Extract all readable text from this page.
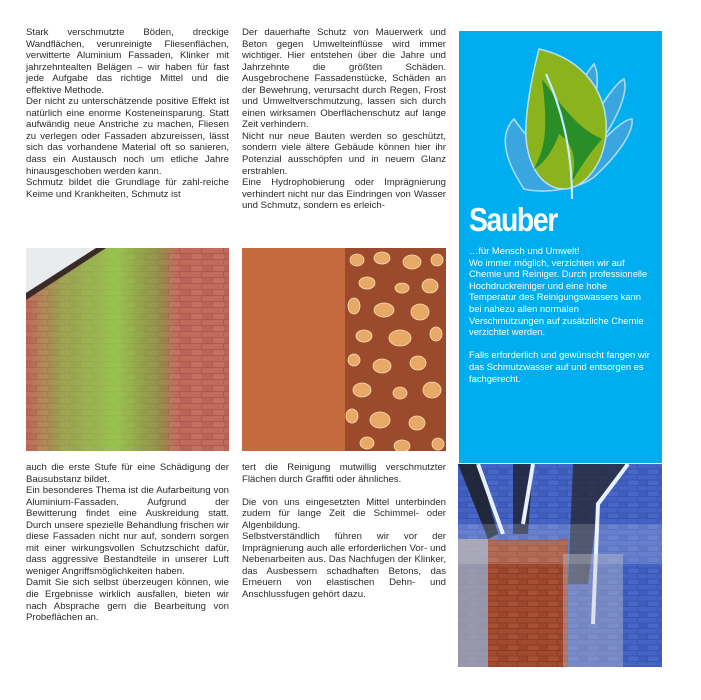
Stark verschmutzte Böden, dreckige Wandflächen, verunreinigte Fliesenflächen, verwitterte Aluminium Fassaden, Klinker mit jahrzehntealten Belägen – wir haben für fast jede Aufgabe das richtige Mittel und die effektive Methode.

Der nicht zu unterschätzende positive Effekt ist natürlich eine enorme Kosteneinsparung. Statt aufwändig neue Anstriche zu machen, Fliesen zu verlegen oder Fassaden abzureissen, lässt sich das vorhandene Material oft so sanieren, dass ein Austausch noch um etliche Jahre hinausgeschoben werden kann.

Schmutz bildet die Grundlage für zahl-reiche Keime und Krankheiten, Schmutz ist

Der dauerhafte Schutz von Mauerwerk und Beton gegen Umwelteinflüsse wird immer wichtiger. Hier entstehen über die Jahre und Jahrzehnte die größten Schäden. Ausgebrochene Fassadenstücke, Schäden an der Bewehrung, verursacht durch Regen, Frost und Umweltverschmutzung, lassen sich durch einen wirksamen Oberflächenschutz auf lange Zeit verhindern.

Nicht nur neue Bauten werden so geschützt, sondern viele ältere Gebäude können hier ihr Potenzial ausschöpfen und in neuem Glanz erstrahlen.

Eine Hydrophobierung oder Imprägnierung verhindert nicht nur das Eindringen von Wasser und Schmutz, sondern es erleich-	Sauber

…für Mensch und Umwelt!

Wo immer möglich, verzichten wir auf Chemie und Reiniger. Durch professionelle Hochdruckreiniger und eine hohe Temperatur des Reinigungswassers kann bei nahezu allen normalen Verschmutzungen auf zusätzliche Chemie verzichtet werden.

Falls erforderlich und gewünscht fangen wir das Schmutzwasser auf und entsorgen es fachgerecht.

auch die erste Stufe für eine Schädigung der Bausubstanz bildet.

Ein besonderes Thema ist die Aufarbeitung von Aluminium-Fassaden. Aufgrund der Bewitterung findet eine Auskreidung statt. Durch unsere spezielle Behandlung frischen wir diese Fassaden nicht nur auf, sondern sorgen mit einer wirkungsvollen Schutzschicht dafür, dass aggressive Bestandteile in unserer Luft weniger Angriffsmöglichkeiten haben.

Damit Sie sich selbst überzeugen können, wie die Ergebnisse wirklich ausfallen, bieten wir nach Absprache gern die Bearbeitung von Probeflächen an.

tert die Reinigung mutwillig verschmutzter Flächen durch Graffiti oder ähnliches.

Die von uns eingesetzten Mittel unterbinden zudem für lange Zeit die Schimmel- oder Algenbildung.

Selbstverständlich führen wir vor der Imprägnierung auch alle erforderlichen Vor- und Nebenarbeiten aus. Das Nachfugen der Klinker, das Ausbessern schadhaften Betons, das Erneuern von elastischen Dehn- und Anschlussfugen gehört dazu.
